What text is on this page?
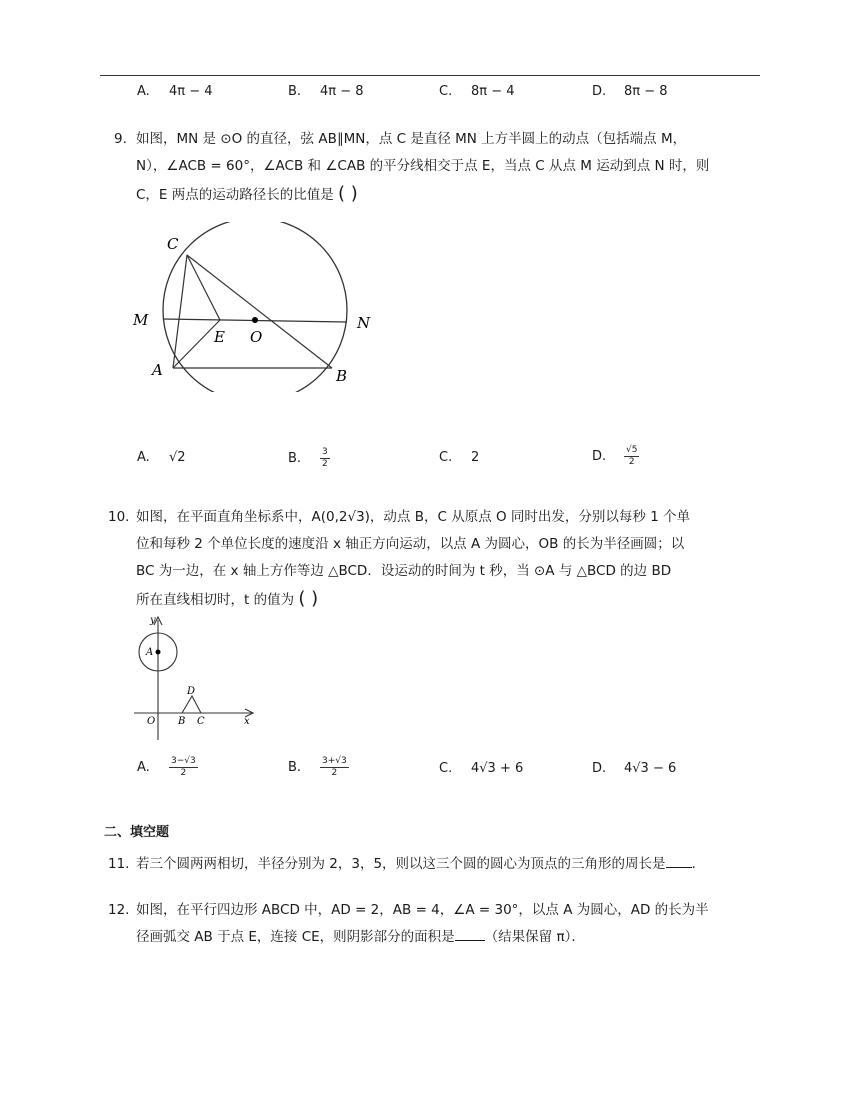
A. 4π − 4	B. 4π − 8	C. 8π − 4	D. 8π − 8
9. 如图，MN 是 ⊙O 的直径，弦 AB∥MN，点 C 是直径 MN 上方半圆上的动点（包括端点 M，
N），∠ACB = 60°，∠ACB 和 ∠CAB 的平分线相交于点 E，当点 C 从点 M 运动到点 N 时，则
C，E 两点的运动路径长的比值是 ( )
C
M	N
E O
A	B
A. √2	B. $\frac{3}{2}$	C. 2	D. $\frac{√5}{2}$
10. 如图，在平面直角坐标系中，A(0,2√3)，动点 B，C 从原点 O 同时出发，分别以每秒 1 个单
位和每秒 2 个单位长度的速度沿 x 轴正方向运动，以点 A 为圆心，OB 的长为半径画圆；以
BC 为一边，在 x 轴上方作等边 △BCD．设运动的时间为 t 秒，当 ⊙A 与 △BCD 的边 BD
所在直线相切时，t 的值为 ( )
y
A
D
O B C	x
A. $\frac{3-√3}{2}$	B. $\frac{3+√3}{2}$	C. 4√3 + 6	D. 4√3 − 6
二、填空题
11. 若三个圆两两相切，半径分别为 2，3，5，则以这三个圆的圆心为顶点的三角形的周长是 ．
12. 如图，在平行四边形 ABCD 中，AD = 2，AB = 4，∠A = 30°，以点 A 为圆心，AD 的长为半
径画弧交 AB 于点 E，连接 CE，则阴影部分的面积是 （结果保留 π）．
